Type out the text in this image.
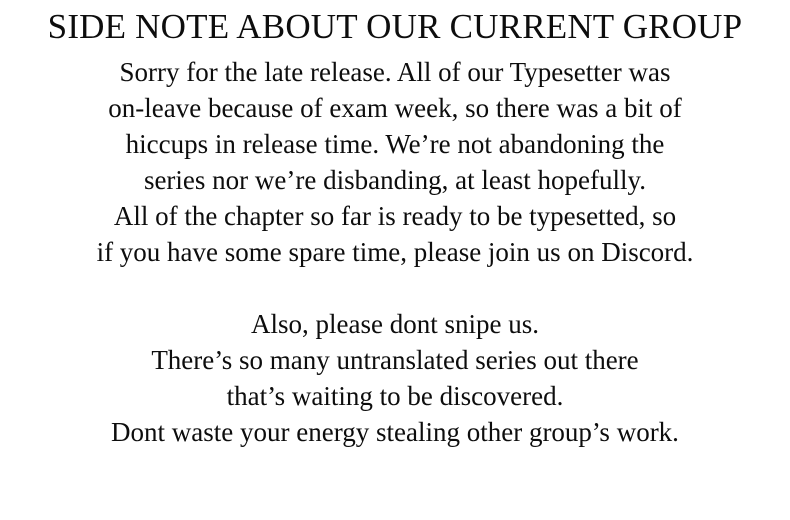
SIDE NOTE ABOUT OUR CURRENT GROUP
Sorry for the late release. All of our Typesetter was
on-leave because of exam week, so there was a bit of
hiccups in release time. We’re not abandoning the
series nor we’re disbanding, at least hopefully.
All of the chapter so far is ready to be typesetted, so
if you have some spare time, please join us on Discord.
Also, please dont snipe us.
There’s so many untranslated series out there
that’s waiting to be discovered.
Dont waste your energy stealing other group’s work.
